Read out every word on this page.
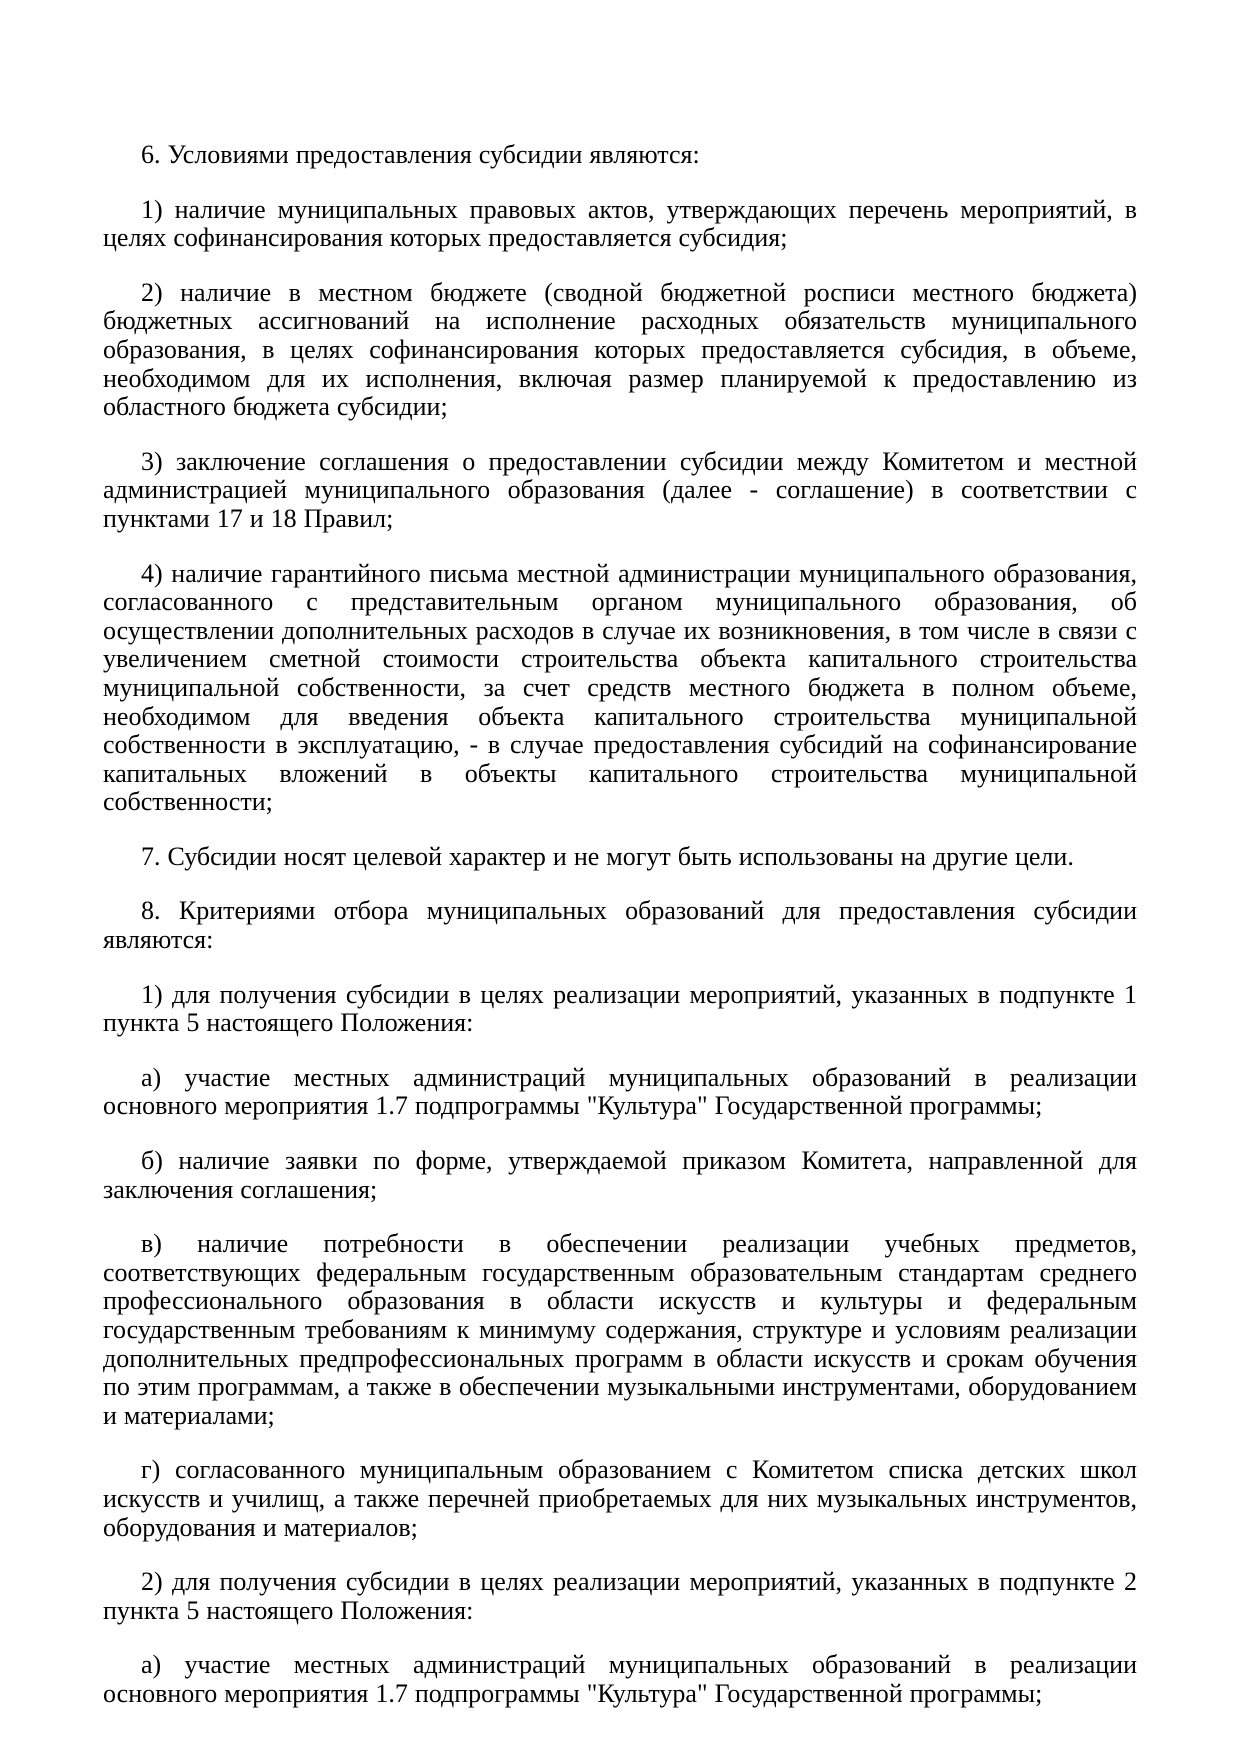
6. Условиями предоставления субсидии являются:

1) наличие муниципальных правовых актов, утверждающих перечень мероприятий, в целях софинансирования которых предоставляется субсидия;

2) наличие в местном бюджете (сводной бюджетной росписи местного бюджета) бюджетных ассигнований на исполнение расходных обязательств муниципального образования, в целях софинансирования которых предоставляется субсидия, в объеме, необходимом для их исполнения, включая размер планируемой к предоставлению из областного бюджета субсидии;

3) заключение соглашения о предоставлении субсидии между Комитетом и местной администрацией муниципального образования (далее - соглашение) в соответствии с пунктами 17 и 18 Правил;

4) наличие гарантийного письма местной администрации муниципального образования, согласованного с представительным органом муниципального образования, об осуществлении дополнительных расходов в случае их возникновения, в том числе в связи с увеличением сметной стоимости строительства объекта капитального строительства муниципальной собственности, за счет средств местного бюджета в полном объеме, необходимом для введения объекта капитального строительства муниципальной собственности в эксплуатацию, - в случае предоставления субсидий на софинансирование капитальных вложений в объекты капитального строительства муниципальной собственности;

7. Субсидии носят целевой характер и не могут быть использованы на другие цели.

8. Критериями отбора муниципальных образований для предоставления субсидии являются:

1) для получения субсидии в целях реализации мероприятий, указанных в подпункте 1 пункта 5 настоящего Положения:

а) участие местных администраций муниципальных образований в реализации основного мероприятия 1.7 подпрограммы "Культура" Государственной программы;

б) наличие заявки по форме, утверждаемой приказом Комитета, направленной для заключения соглашения;

в) наличие потребности в обеспечении реализации учебных предметов, соответствующих федеральным государственным образовательным стандартам среднего профессионального образования в области искусств и культуры и федеральным государственным требованиям к минимуму содержания, структуре и условиям реализации дополнительных предпрофессиональных программ в области искусств и срокам обучения по этим программам, а также в обеспечении музыкальными инструментами, оборудованием и материалами;

г) согласованного муниципальным образованием с Комитетом списка детских школ искусств и училищ, а также перечней приобретаемых для них музыкальных инструментов, оборудования и материалов;

2) для получения субсидии в целях реализации мероприятий, указанных в подпункте 2 пункта 5 настоящего Положения:

а) участие местных администраций муниципальных образований в реализации основного мероприятия 1.7 подпрограммы "Культура" Государственной программы;
